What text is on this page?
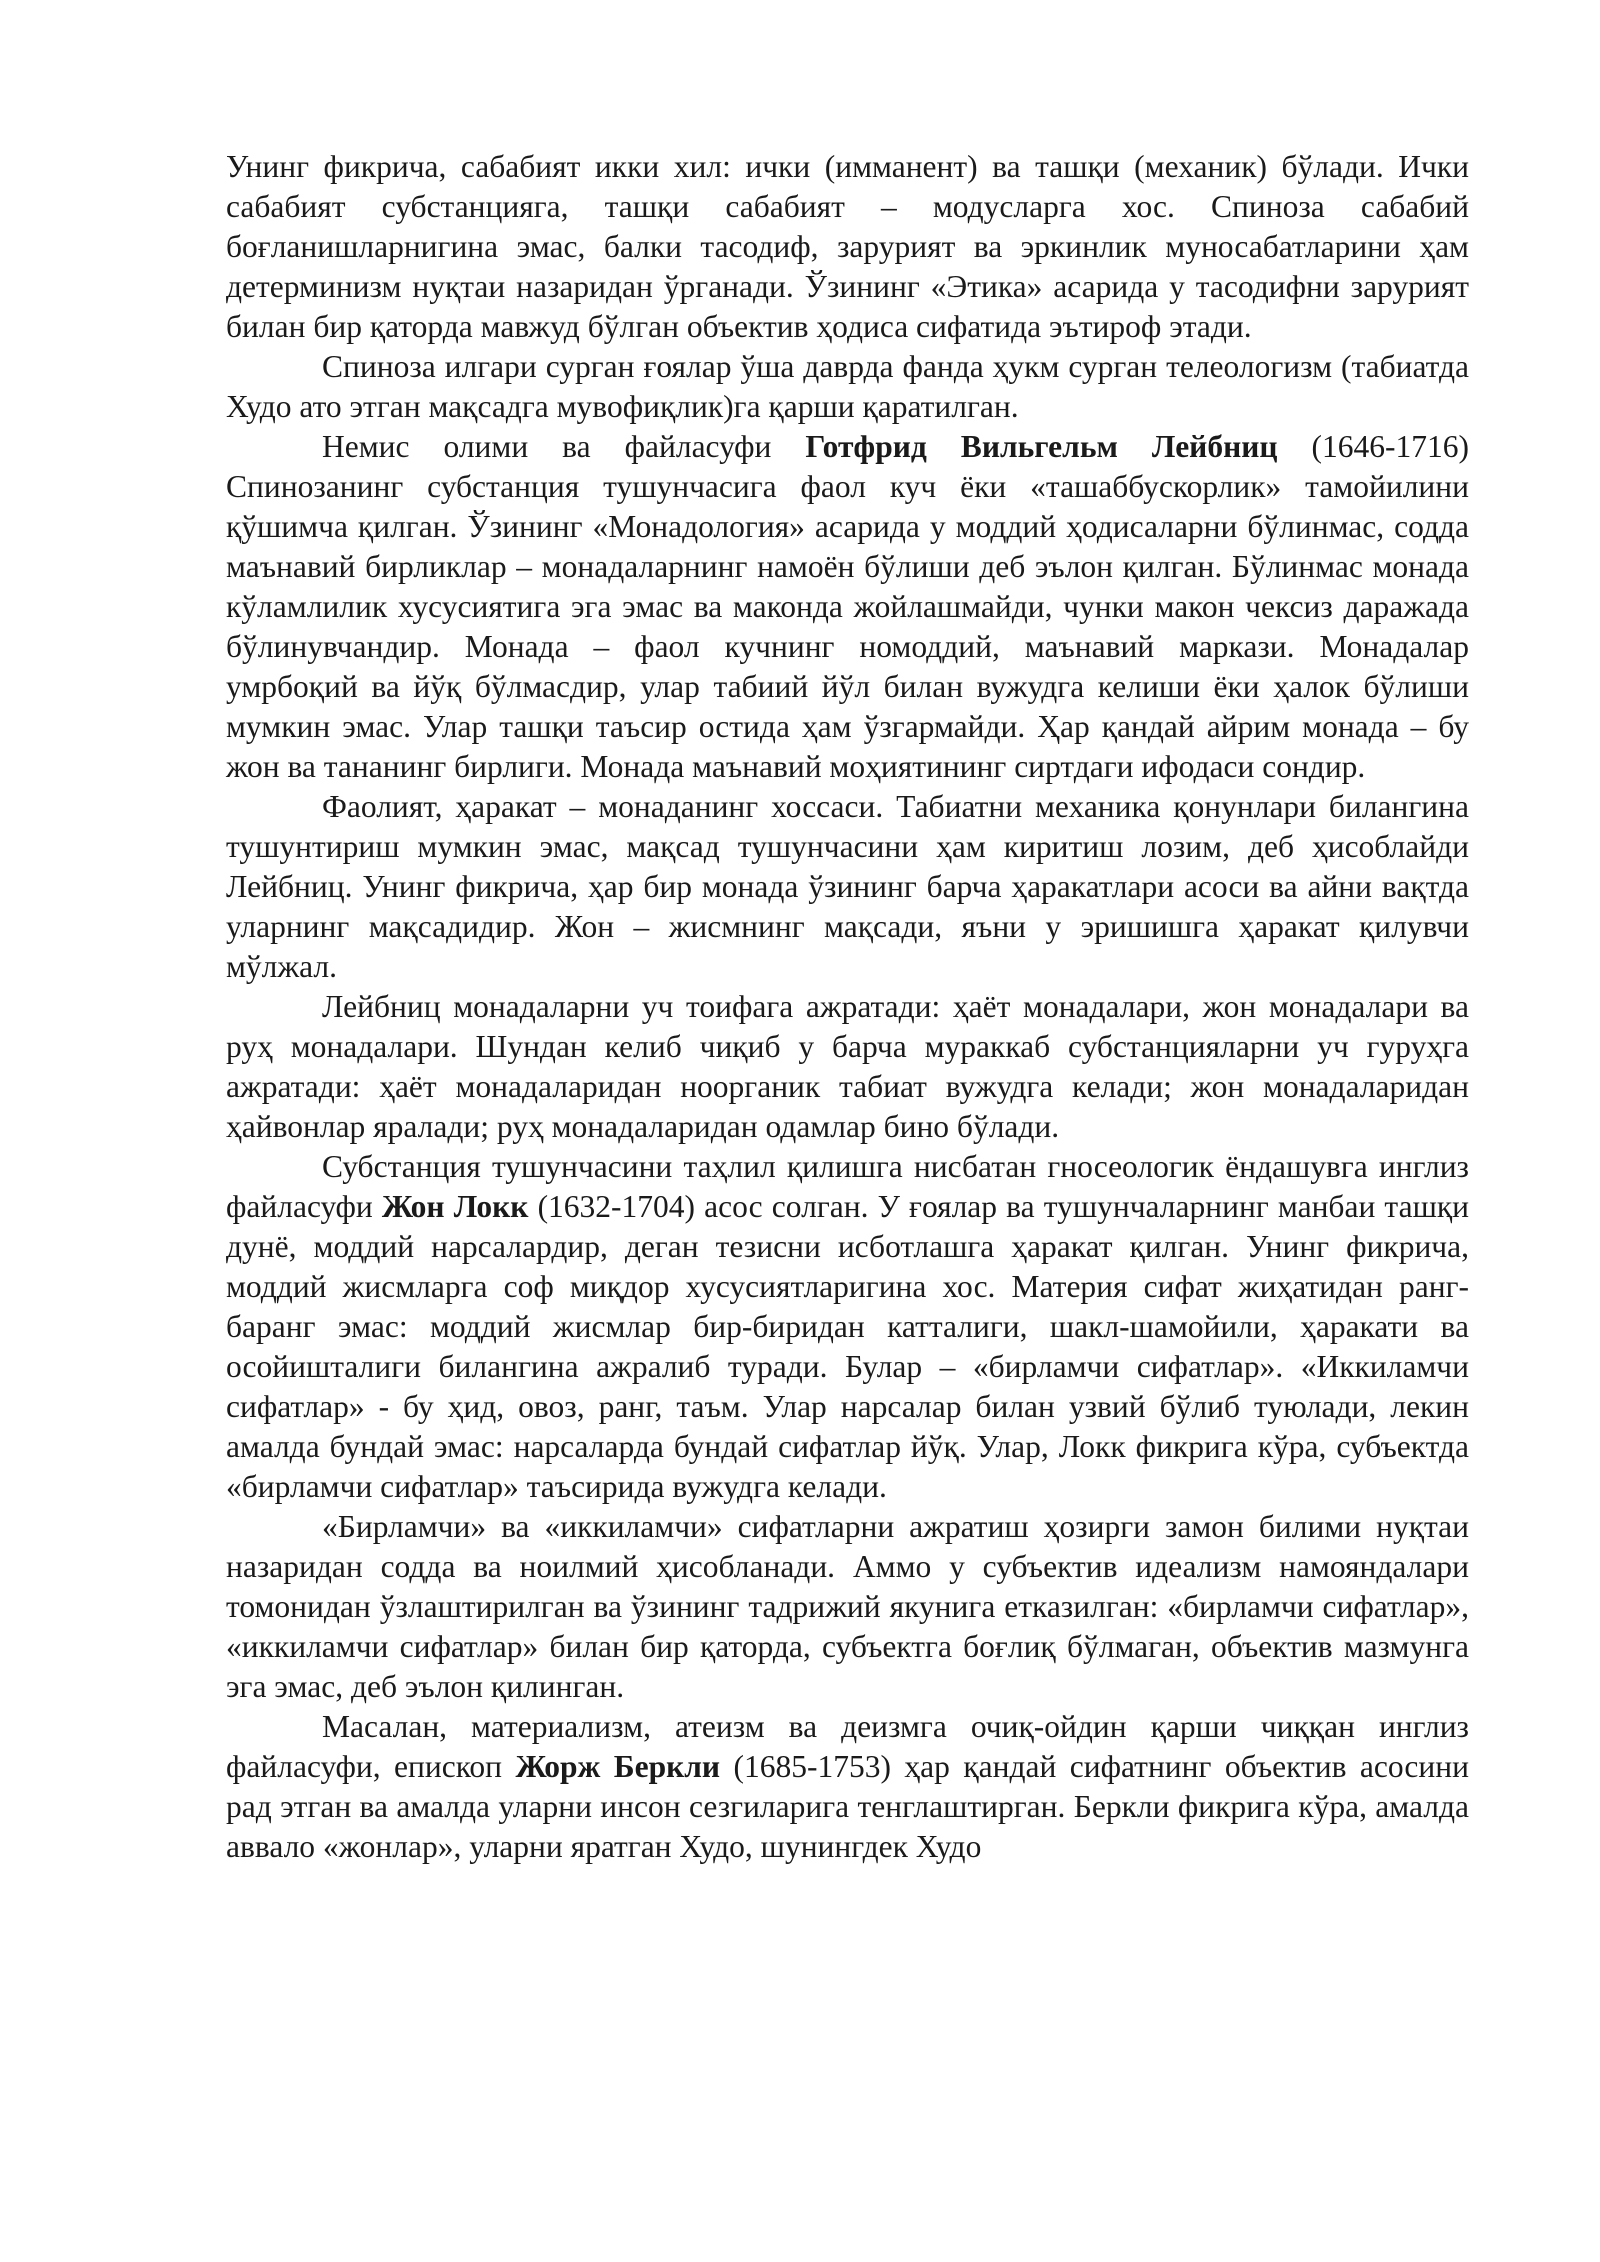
Унинг фикрича, сабабият икки хил: ички (имманент) ва ташқи (механик) бўлади. Ички сабабият субстанцияга, ташқи сабабият – модусларга хос. Спиноза сабабий боғланишларнигина эмас, балки тасодиф, зарурият ва эркинлик муносабатларини ҳам детерминизм нуқтаи назаридан ўрганади. Ўзининг «Этика» асарида у тасодифни зарурият билан бир қаторда мавжуд бўлган объектив ҳодиса сифатида эътироф этади.

Спиноза илгари сурган ғоялар ўша даврда фанда ҳукм сурган телеологизм (табиатда Худо ато этган мақсадга мувофиқлик)га қарши қаратилган.

Немис олими ва файласуфи Готфрид Вильгельм Лейбниц (1646-1716) Спинозанинг субстанция тушунчасига фаол куч ёки «ташаббускорлик» тамойилини қўшимча қилган. Ўзининг «Монадология» асарида у моддий ҳодисаларни бўлинмас, содда маънавий бирликлар – монадаларнинг намоён бўлиши деб эълон қилган. Бўлинмас монада кўламлилик хусусиятига эга эмас ва маконда жойлашмайди, чунки макон чексиз даражада бўлинувчандир. Монада – фаол кучнинг номоддий, маънавий маркази. Монадалар умрбоқий ва йўқ бўлмасдир, улар табиий йўл билан вужудга келиши ёки ҳалок бўлиши мумкин эмас. Улар ташқи таъсир остида ҳам ўзгармайди. Ҳар қандай айрим монада – бу жон ва тананинг бирлиги. Монада маънавий моҳиятининг сиртдаги ифодаси сондир.

Фаолият, ҳаракат – монаданинг хоссаси. Табиатни механика қонунлари билангина тушунтириш мумкин эмас, мақсад тушунчасини ҳам киритиш лозим, деб ҳисоблайди Лейбниц. Унинг фикрича, ҳар бир монада ўзининг барча ҳаракатлари асоси ва айни вақтда уларнинг мақсадидир. Жон – жисмнинг мақсади, яъни у эришишга ҳаракат қилувчи мўлжал.

Лейбниц монадаларни уч тоифага ажратади: ҳаёт монадалари, жон монадалари ва руҳ монадалари. Шундан келиб чиқиб у барча мураккаб субстанцияларни уч гуруҳга ажратади: ҳаёт монадаларидан ноорганик табиат вужудга келади; жон монадаларидан ҳайвонлар яралади; руҳ монадаларидан одамлар бино бўлади.

Субстанция тушунчасини таҳлил қилишга нисбатан гносеологик ёндашувга инглиз файласуфи Жон Локк (1632-1704) асос солган. У ғоялар ва тушунчаларнинг манбаи ташқи дунё, моддий нарсалардир, деган тезисни исботлашга ҳаракат қилган. Унинг фикрича, моддий жисмларга соф миқдор хусусиятларигина хос. Материя сифат жиҳатидан ранг-баранг эмас: моддий жисмлар бир-биридан катталиги, шакл-шамойили, ҳаракати ва осойишталиги билангина ажралиб туради. Булар – «бирламчи сифатлар». «Иккиламчи сифатлар» - бу ҳид, овоз, ранг, таъм. Улар нарсалар билан узвий бўлиб туюлади, лекин амалда бундай эмас: нарсаларда бундай сифатлар йўқ. Улар, Локк фикрига кўра, субъектда «бирламчи сифатлар» таъсирида вужудга келади.

«Бирламчи» ва «иккиламчи» сифатларни ажратиш ҳозирги замон билими нуқтаи назаридан содда ва ноилмий ҳисобланади. Аммо у субъектив идеализм намояндалари томонидан ўзлаштирилган ва ўзининг тадрижий якунига етказилган: «бирламчи сифатлар», «иккиламчи сифатлар» билан бир қаторда, субъектга боғлиқ бўлмаган, объектив мазмунга эга эмас, деб эълон қилинган.

Масалан, материализм, атеизм ва деизмга очиқ-ойдин қарши чиққан инглиз файласуфи, епископ Жорж Беркли (1685-1753) ҳар қандай сифатнинг объектив асосини рад этган ва амалда уларни инсон сезгиларига тенглаштирган. Беркли фикрига кўра, амалда аввало «жонлар», уларни яратган Худо, шунингдек Худо
